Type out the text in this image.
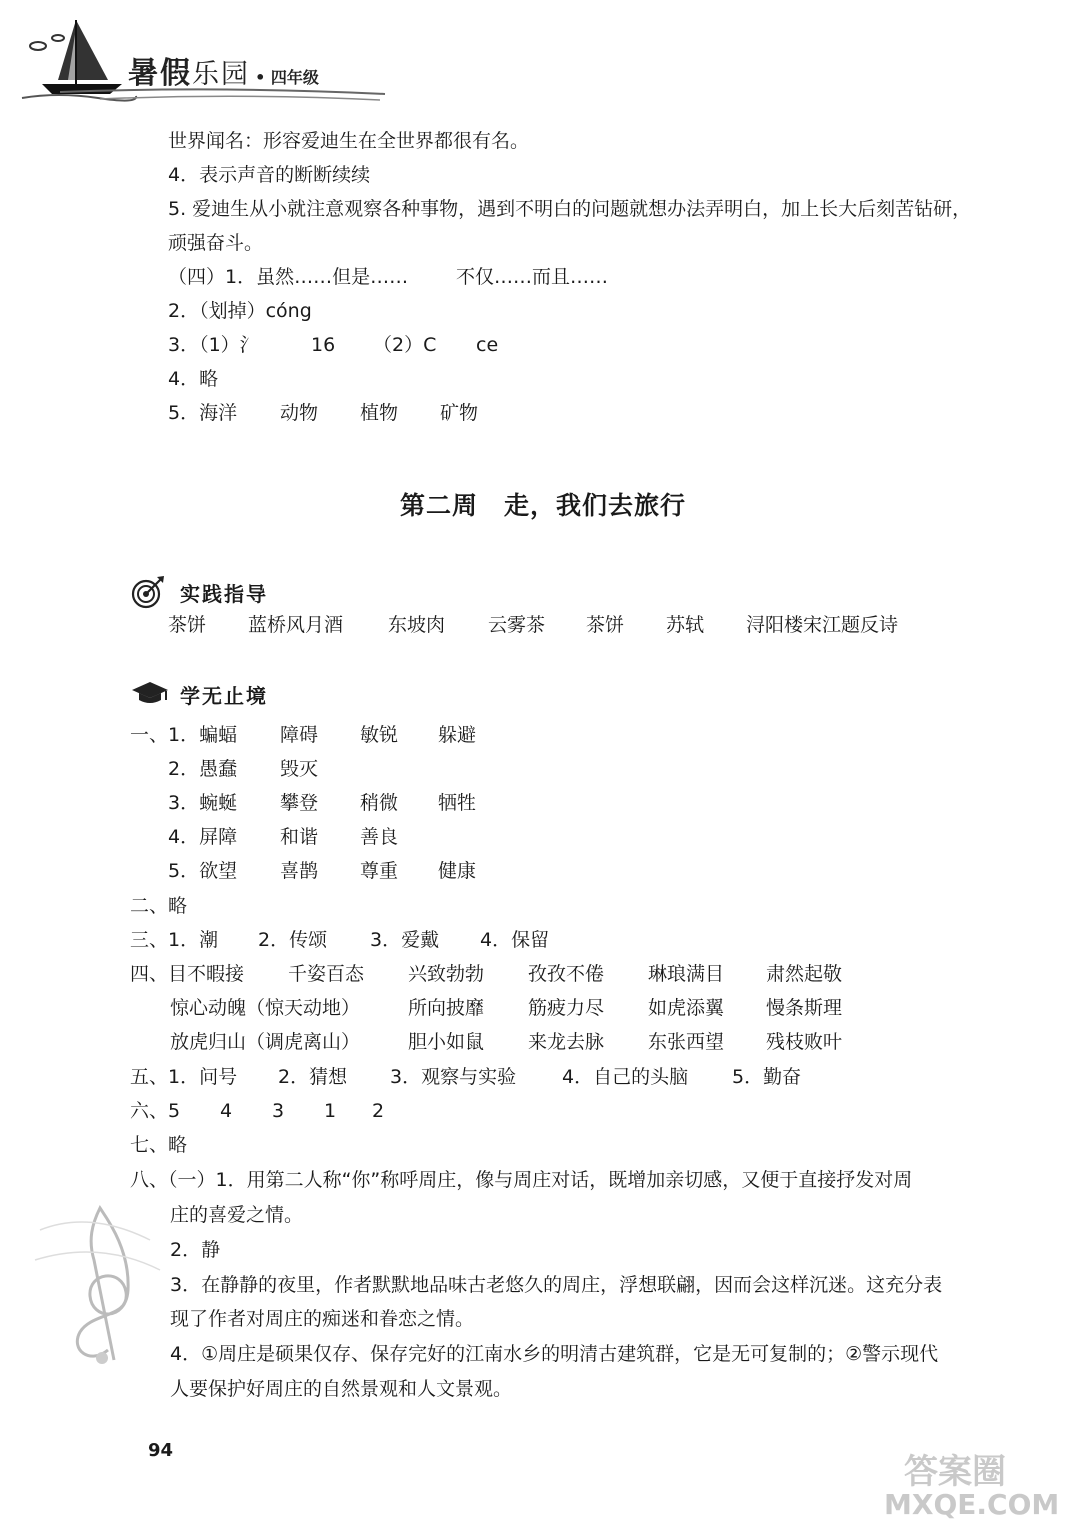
暑假乐园 • 四年级
世界闻名：形容爱迪生在全世界都很有名。
4．表示声音的断断续续
5. 爱迪生从小就注意观察各种事物，遇到不明白的问题就想办法弄明白，加上长大后刻苦钻研，
顽强奋斗。
（四）1．虽然……但是……	不仅……而且……
2．（划掉）cóng
3．（1）氵	16 （2）C ce
4．略
5．海洋 动物 植物 矿物
第二周　走，我们去旅行
实践指导
茶饼 蓝桥风月酒 东坡肉 云雾茶 茶饼 苏轼 浔阳楼宋江题反诗
学无止境
一、1．蝙蝠 障碍 敏锐 躲避
2．愚蠢 毁灭
3．蜿蜒 攀登 稍微 牺牲
4．屏障 和谐 善良
5．欲望 喜鹊 尊重 健康
二、略
三、1．潮 2．传颂 3．爱戴 4．保留
四、目不暇接 千姿百态 兴致勃勃 孜孜不倦 琳琅满目 肃然起敬
惊心动魄（惊天动地）	所向披靡 筋疲力尽 如虎添翼 慢条斯理
放虎归山（调虎离山）	胆小如鼠 来龙去脉 东张西望 残枝败叶
五、1．问号 2．猜想 3．观察与实验 4．自己的头脑 5．勤奋
六、5 4 3 1 2
七、略
八、（一）1．用第二人称“你”称呼周庄，像与周庄对话，既增加亲切感，又便于直接抒发对周
庄的喜爱之情。
2．静
3．在静静的夜里，作者默默地品味古老悠久的周庄，浮想联翩，因而会这样沉迷。这充分表
现了作者对周庄的痴迷和眷恋之情。
4．①周庄是硕果仅存、保存完好的江南水乡的明清古建筑群，它是无可复制的；②警示现代
人要保护好周庄的自然景观和人文景观。
94
答案圈
MXQE.COM
